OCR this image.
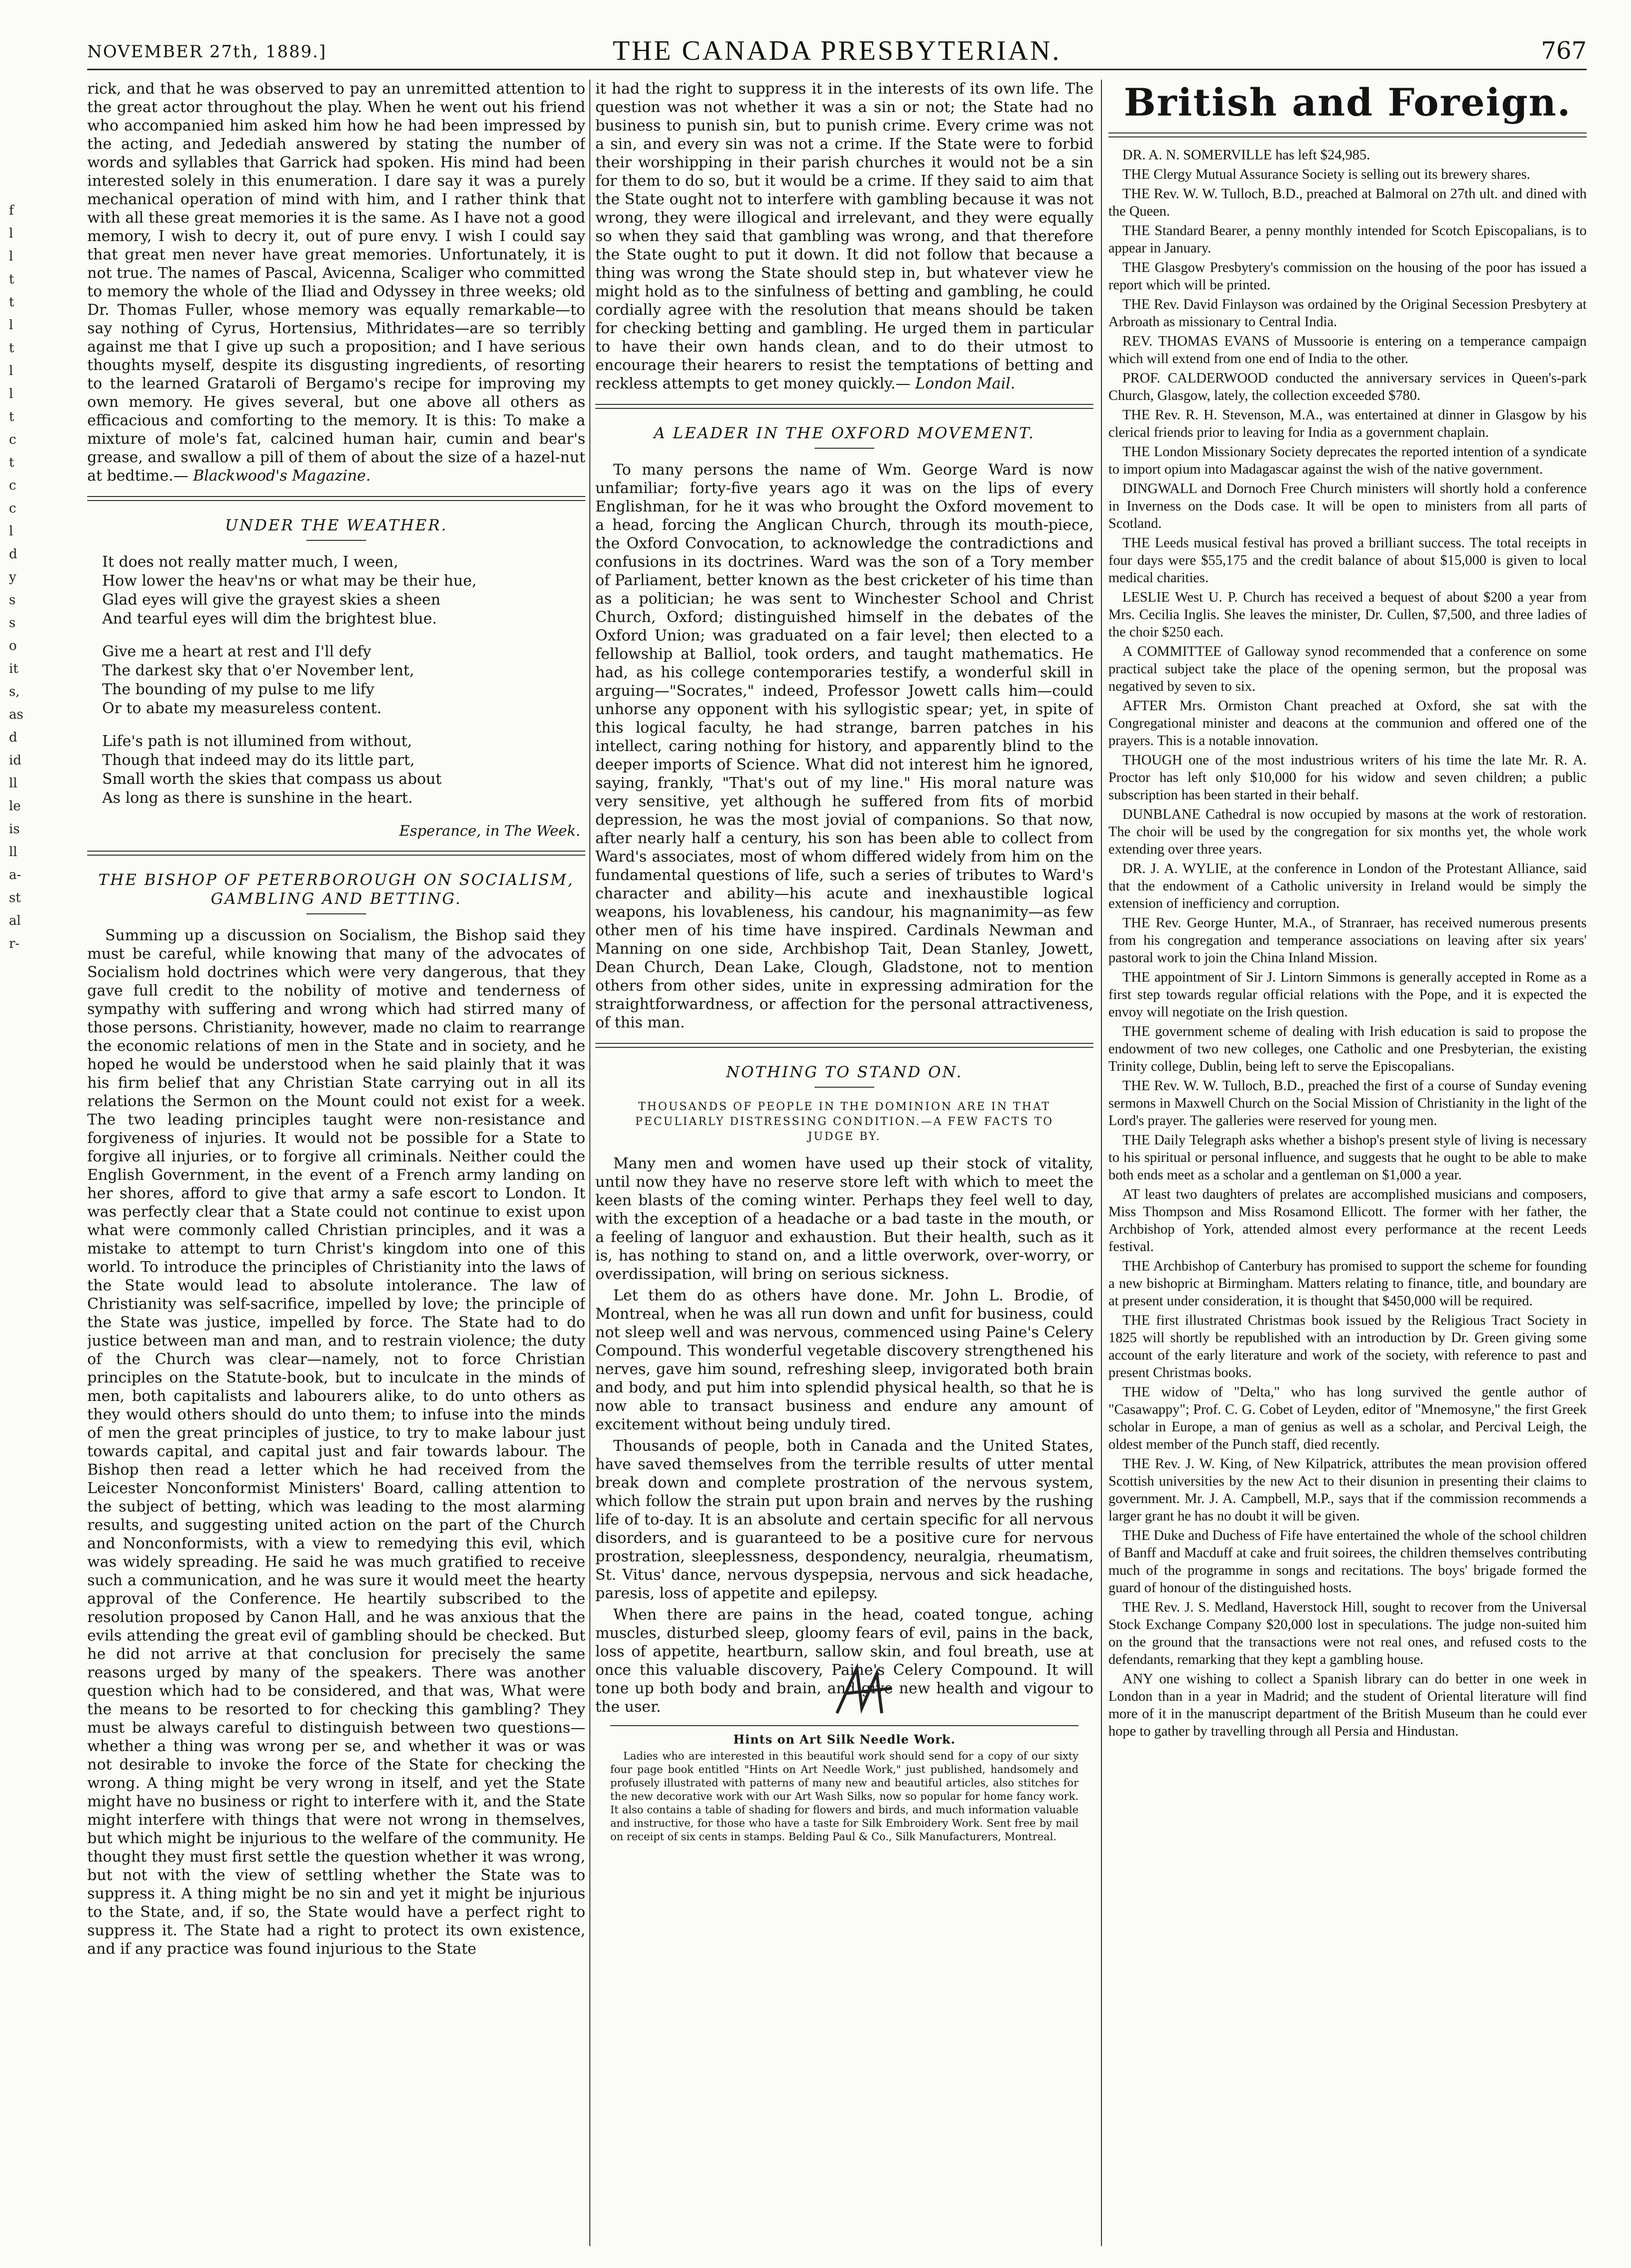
NOVEMBER 27th, 1889.]	THE CANADA PRESBYTERIAN.	767
f
l
l
t
t
l
t
l
l
t
c
t
c
c
l
d
y
s
s
o
it
s,
as
d
id
ll
le
is
ll
a-
st
al
r-

rick, and that he was observed to pay an unremitted attention to the great actor throughout the play. When he went out his friend who accompanied him asked him how he had been impressed by the acting, and Jedediah answered by stating the number of words and syllables that Garrick had spoken. His mind had been interested solely in this enumeration. I dare say it was a purely mechanical operation of mind with him, and I rather think that with all these great memories it is the same. As I have not a good memory, I wish to decry it, out of pure envy. I wish I could say that great men never have great memories. Unfortunately, it is not true. The names of Pascal, Avicenna, Scaliger who committed to memory the whole of the Iliad and Odyssey in three weeks; old Dr. Thomas Fuller, whose memory was equally remarkable—to say nothing of Cyrus, Hortensius, Mithridates—are so terribly against me that I give up such a proposition; and I have serious thoughts myself, despite its disgusting ingredients, of resorting to the learned Grataroli of Bergamo's recipe for improving my own memory. He gives several, but one above all others as efficacious and comforting to the memory. It is this: To make a mixture of mole's fat, calcined human hair, cumin and bear's grease, and swallow a pill of them of about the size of a hazel-nut at bedtime.— Blackwood's Magazine.

UNDER THE WEATHER.
It does not really matter much, I ween,
How lower the heav'ns or what may be their hue,
Glad eyes will give the grayest skies a sheen
And tearful eyes will dim the brightest blue.
Give me a heart at rest and I'll defy
The darkest sky that o'er November lent,
The bounding of my pulse to me lify
Or to abate my measureless content.
Life's path is not illumined from without,
Though that indeed may do its little part,
Small worth the skies that compass us about
As long as there is sunshine in the heart.
Esperance, in The Week.
THE BISHOP OF PETERBOROUGH ON SOCIALISM, GAMBLING AND BETTING.

Summing up a discussion on Socialism, the Bishop said they must be careful, while knowing that many of the advocates of Socialism hold doctrines which were very dangerous, that they gave full credit to the nobility of motive and tenderness of sympathy with suffering and wrong which had stirred many of those persons. Christianity, however, made no claim to rearrange the economic relations of men in the State and in society, and he hoped he would be understood when he said plainly that it was his firm belief that any Christian State carrying out in all its relations the Sermon on the Mount could not exist for a week. The two leading principles taught were non-resistance and forgiveness of injuries. It would not be possible for a State to forgive all injuries, or to forgive all criminals. Neither could the English Government, in the event of a French army landing on her shores, afford to give that army a safe escort to London. It was perfectly clear that a State could not continue to exist upon what were commonly called Christian principles, and it was a mistake to attempt to turn Christ's kingdom into one of this world. To introduce the principles of Christianity into the laws of the State would lead to absolute intolerance. The law of Christianity was self-sacrifice, impelled by love; the principle of the State was justice, impelled by force. The State had to do justice between man and man, and to restrain violence; the duty of the Church was clear—namely, not to force Christian principles on the Statute-book, but to inculcate in the minds of men, both capitalists and labourers alike, to do unto others as they would others should do unto them; to infuse into the minds of men the great principles of justice, to try to make labour just towards capital, and capital just and fair towards labour. The Bishop then read a letter which he had received from the Leicester Nonconformist Ministers' Board, calling attention to the subject of betting, which was leading to the most alarming results, and suggesting united action on the part of the Church and Nonconformists, with a view to remedying this evil, which was widely spreading. He said he was much gratified to receive such a communication, and he was sure it would meet the hearty approval of the Conference. He heartily subscribed to the resolution proposed by Canon Hall, and he was anxious that the evils attending the great evil of gambling should be checked. But he did not arrive at that conclusion for precisely the same reasons urged by many of the speakers. There was another question which had to be considered, and that was, What were the means to be resorted to for checking this gambling? They must be always careful to distinguish between two questions—whether a thing was wrong per se, and whether it was or was not desirable to invoke the force of the State for checking the wrong. A thing might be very wrong in itself, and yet the State might have no business or right to interfere with it, and the State might interfere with things that were not wrong in themselves, but which might be injurious to the welfare of the community. He thought they must first settle the question whether it was wrong, but not with the view of settling whether the State was to suppress it. A thing might be no sin and yet it might be injurious to the State, and, if so, the State would have a perfect right to suppress it. The State had a right to protect its own existence, and if any practice was found injurious to the State

it had the right to suppress it in the interests of its own life. The question was not whether it was a sin or not; the State had no business to punish sin, but to punish crime. Every crime was not a sin, and every sin was not a crime. If the State were to forbid their worshipping in their parish churches it would not be a sin for them to do so, but it would be a crime. If they said to aim that the State ought not to interfere with gambling because it was not wrong, they were illogical and irrelevant, and they were equally so when they said that gambling was wrong, and that therefore the State ought to put it down. It did not follow that because a thing was wrong the State should step in, but whatever view he might hold as to the sinfulness of betting and gambling, he could cordially agree with the resolution that means should be taken for checking betting and gambling. He urged them in particular to have their own hands clean, and to do their utmost to encourage their hearers to resist the temptations of betting and reckless attempts to get money quickly.— London Mail.

A LEADER IN THE OXFORD MOVEMENT.

To many persons the name of Wm. George Ward is now unfamiliar; forty-five years ago it was on the lips of every Englishman, for he it was who brought the Oxford movement to a head, forcing the Anglican Church, through its mouth-piece, the Oxford Convocation, to acknowledge the contradictions and confusions in its doctrines. Ward was the son of a Tory member of Parliament, better known as the best cricketer of his time than as a politician; he was sent to Winchester School and Christ Church, Oxford; distinguished himself in the debates of the Oxford Union; was graduated on a fair level; then elected to a fellowship at Balliol, took orders, and taught mathematics. He had, as his college contemporaries testify, a wonderful skill in arguing—"Socrates," indeed, Professor Jowett calls him—could unhorse any opponent with his syllogistic spear; yet, in spite of this logical faculty, he had strange, barren patches in his intellect, caring nothing for history, and apparently blind to the deeper imports of Science. What did not interest him he ignored, saying, frankly, "That's out of my line." His moral nature was very sensitive, yet although he suffered from fits of morbid depression, he was the most jovial of companions. So that now, after nearly half a century, his son has been able to collect from Ward's associates, most of whom differed widely from him on the fundamental questions of life, such a series of tributes to Ward's character and ability—his acute and inexhaustible logical weapons, his lovableness, his candour, his magnanimity—as few other men of his time have inspired. Cardinals Newman and Manning on one side, Archbishop Tait, Dean Stanley, Jowett, Dean Church, Dean Lake, Clough, Gladstone, not to mention others from other sides, unite in expressing admiration for the straightforwardness, or affection for the personal attractiveness, of this man.

NOTHING TO STAND ON.
THOUSANDS OF PEOPLE IN THE DOMINION ARE IN THAT PECULIARLY DISTRESSING CONDITION.—A FEW FACTS TO JUDGE BY.

Many men and women have used up their stock of vitality, until now they have no reserve store left with which to meet the keen blasts of the coming winter. Perhaps they feel well to day, with the exception of a headache or a bad taste in the mouth, or a feeling of languor and exhaustion. But their health, such as it is, has nothing to stand on, and a little overwork, over-worry, or overdissipation, will bring on serious sickness.

Let them do as others have done. Mr. John L. Brodie, of Montreal, when he was all run down and unfit for business, could not sleep well and was nervous, commenced using Paine's Celery Compound. This wonderful vegetable discovery strengthened his nerves, gave him sound, refreshing sleep, invigorated both brain and body, and put him into splendid physical health, so that he is now able to transact business and endure any amount of excitement without being unduly tired.

Thousands of people, both in Canada and the United States, have saved themselves from the terrible results of utter mental break down and complete prostration of the nervous system, which follow the strain put upon brain and nerves by the rushing life of to-day. It is an absolute and certain specific for all nervous disorders, and is guaranteed to be a positive cure for nervous prostration, sleeplessness, despondency, neuralgia, rheumatism, St. Vitus' dance, nervous dyspepsia, nervous and sick headache, paresis, loss of appetite and epilepsy.

When there are pains in the head, coated tongue, aching muscles, disturbed sleep, gloomy fears of evil, pains in the back, loss of appetite, heartburn, sallow skin, and foul breath, use at once this valuable discovery, Paine's Celery Compound. It will tone up both body and brain, and give new health and vigour to the user.

Hints on Art Silk Needle Work.
Ladies who are interested in this beautiful work should send for a copy of our sixty four page book entitled "Hints on Art Needle Work," just published, handsomely and profusely illustrated with patterns of many new and beautiful articles, also stitches for the new decorative work with our Art Wash Silks, now so popular for home fancy work. It also contains a table of shading for flowers and birds, and much information valuable and instructive, for those who have a taste for Silk Embroidery Work. Sent free by mail on receipt of six cents in stamps. Belding Paul & Co., Silk Manufacturers, Montreal.
British and Foreign.

DR. A. N. SOMERVILLE has left $24,985.

THE Clergy Mutual Assurance Society is selling out its brewery shares.

THE Rev. W. W. Tulloch, B.D., preached at Balmoral on 27th ult. and dined with the Queen.

THE Standard Bearer, a penny monthly intended for Scotch Episcopalians, is to appear in January.

THE Glasgow Presbytery's commission on the housing of the poor has issued a report which will be printed.

THE Rev. David Finlayson was ordained by the Original Secession Presbytery at Arbroath as missionary to Central India.

REV. THOMAS EVANS of Mussoorie is entering on a temperance campaign which will extend from one end of India to the other.

PROF. CALDERWOOD conducted the anniversary services in Queen's-park Church, Glasgow, lately, the collection exceeded $780.

THE Rev. R. H. Stevenson, M.A., was entertained at dinner in Glasgow by his clerical friends prior to leaving for India as a government chaplain.

THE London Missionary Society deprecates the reported intention of a syndicate to import opium into Madagascar against the wish of the native government.

DINGWALL and Dornoch Free Church ministers will shortly hold a conference in Inverness on the Dods case. It will be open to ministers from all parts of Scotland.

THE Leeds musical festival has proved a brilliant success. The total receipts in four days were $55,175 and the credit balance of about $15,000 is given to local medical charities.

LESLIE West U. P. Church has received a bequest of about $200 a year from Mrs. Cecilia Inglis. She leaves the minister, Dr. Cullen, $7,500, and three ladies of the choir $250 each.

A COMMITTEE of Galloway synod recommended that a conference on some practical subject take the place of the opening sermon, but the proposal was negatived by seven to six.

AFTER Mrs. Ormiston Chant preached at Oxford, she sat with the Congregational minister and deacons at the communion and offered one of the prayers. This is a notable innovation.

THOUGH one of the most industrious writers of his time the late Mr. R. A. Proctor has left only $10,000 for his widow and seven children; a public subscription has been started in their behalf.

DUNBLANE Cathedral is now occupied by masons at the work of restoration. The choir will be used by the congregation for six months yet, the whole work extending over three years.

DR. J. A. WYLIE, at the conference in London of the Protestant Alliance, said that the endowment of a Catholic university in Ireland would be simply the extension of inefficiency and corruption.

THE Rev. George Hunter, M.A., of Stranraer, has received numerous presents from his congregation and temperance associations on leaving after six years' pastoral work to join the China Inland Mission.

THE appointment of Sir J. Lintorn Simmons is generally accepted in Rome as a first step towards regular official relations with the Pope, and it is expected the envoy will negotiate on the Irish question.

THE government scheme of dealing with Irish education is said to propose the endowment of two new colleges, one Catholic and one Presbyterian, the existing Trinity college, Dublin, being left to serve the Episcopalians.

THE Rev. W. W. Tulloch, B.D., preached the first of a course of Sunday evening sermons in Maxwell Church on the Social Mission of Christianity in the light of the Lord's prayer. The galleries were reserved for young men.

THE Daily Telegraph asks whether a bishop's present style of living is necessary to his spiritual or personal influence, and suggests that he ought to be able to make both ends meet as a scholar and a gentleman on $1,000 a year.

AT least two daughters of prelates are accomplished musicians and composers, Miss Thompson and Miss Rosamond Ellicott. The former with her father, the Archbishop of York, attended almost every performance at the recent Leeds festival.

THE Archbishop of Canterbury has promised to support the scheme for founding a new bishopric at Birmingham. Matters relating to finance, title, and boundary are at present under consideration, it is thought that $450,000 will be required.

THE first illustrated Christmas book issued by the Religious Tract Society in 1825 will shortly be republished with an introduction by Dr. Green giving some account of the early literature and work of the society, with reference to past and present Christmas books.

THE widow of "Delta," who has long survived the gentle author of "Casawappy"; Prof. C. G. Cobet of Leyden, editor of "Mnemosyne," the first Greek scholar in Europe, a man of genius as well as a scholar, and Percival Leigh, the oldest member of the Punch staff, died recently.

THE Rev. J. W. King, of New Kilpatrick, attributes the mean provision offered Scottish universities by the new Act to their disunion in presenting their claims to government. Mr. J. A. Campbell, M.P., says that if the commission recommends a larger grant he has no doubt it will be given.

THE Duke and Duchess of Fife have entertained the whole of the school children of Banff and Macduff at cake and fruit soirees, the children themselves contributing much of the programme in songs and recitations. The boys' brigade formed the guard of honour of the distinguished hosts.

THE Rev. J. S. Medland, Haverstock Hill, sought to recover from the Universal Stock Exchange Company $20,000 lost in speculations. The judge non-suited him on the ground that the transactions were not real ones, and refused costs to the defendants, remarking that they kept a gambling house.

ANY one wishing to collect a Spanish library can do better in one week in London than in a year in Madrid; and the student of Oriental literature will find more of it in the manuscript department of the British Museum than he could ever hope to gather by travelling through all Persia and Hindustan.
